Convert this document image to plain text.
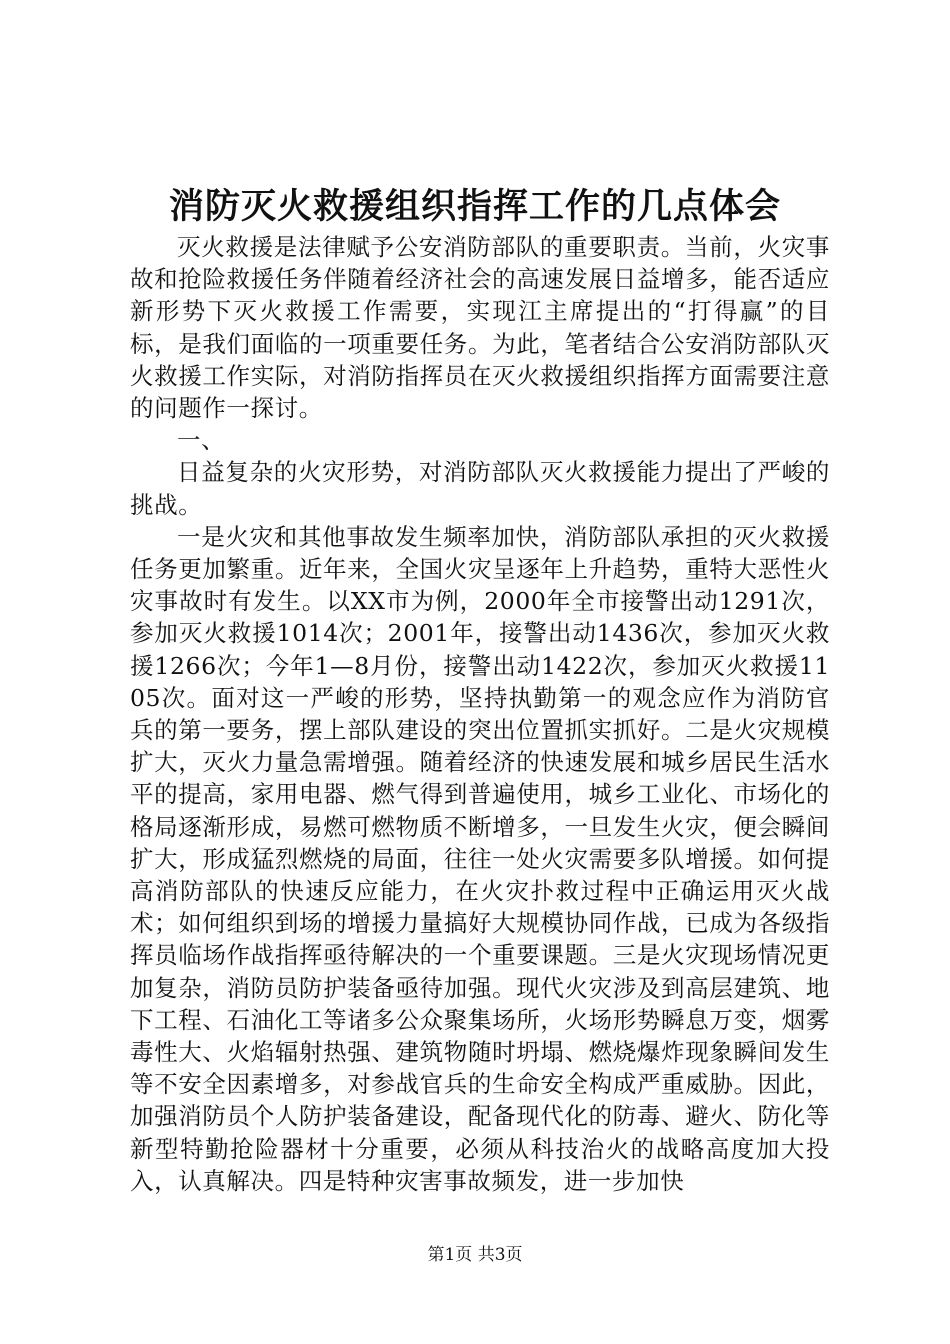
消防灭火救援组织指挥工作的几点体会

灭火救援是法律赋予公安消防部队的重要职责。当前，火灾事故和抢险救援任务伴随着经济社会的高速发展日益增多，能否适应新形势下灭火救援工作需要，实现江主席提出的“打得赢”的目标，是我们面临的一项重要任务。为此，笔者结合公安消防部队灭火救援工作实际，对消防指挥员在灭火救援组织指挥方面需要注意的问题作一探讨。

一、

日益复杂的火灾形势，对消防部队灭火救援能力提出了严峻的挑战。

一是火灾和其他事故发生频率加快，消防部队承担的灭火救援任务更加繁重。近年来，全国火灾呈逐年上升趋势，重特大恶性火灾事故时有发生。以XX市为例，2000年全市接警出动1291次，参加灭火救援1014次；2001年，接警出动1436次，参加灭火救援1266次；今年1—8月份，接警出动1422次，参加灭火救援1105次。面对这一严峻的形势，坚持执勤第一的观念应作为消防官兵的第一要务，摆上部队建设的突出位置抓实抓好。二是火灾规模扩大，灭火力量急需增强。随着经济的快速发展和城乡居民生活水平的提高，家用电器、燃气得到普遍使用，城乡工业化、市场化的格局逐渐形成，易燃可燃物质不断增多，一旦发生火灾，便会瞬间扩大，形成猛烈燃烧的局面，往往一处火灾需要多队增援。如何提高消防部队的快速反应能力，在火灾扑救过程中正确运用灭火战术；如何组织到场的增援力量搞好大规模协同作战，已成为各级指挥员临场作战指挥亟待解决的一个重要课题。三是火灾现场情况更加复杂，消防员防护装备亟待加强。现代火灾涉及到高层建筑、地下工程、石油化工等诸多公众聚集场所，火场形势瞬息万变，烟雾毒性大、火焰辐射热强、建筑物随时坍塌、燃烧爆炸现象瞬间发生等不安全因素增多，对参战官兵的生命安全构成严重威胁。因此，加强消防员个人防护装备建设，配备现代化的防毒、避火、防化等新型特勤抢险器材十分重要，必须从科技治火的战略高度加大投入，认真解决。四是特种灾害事故频发，进一步加快

第1页 共3页
